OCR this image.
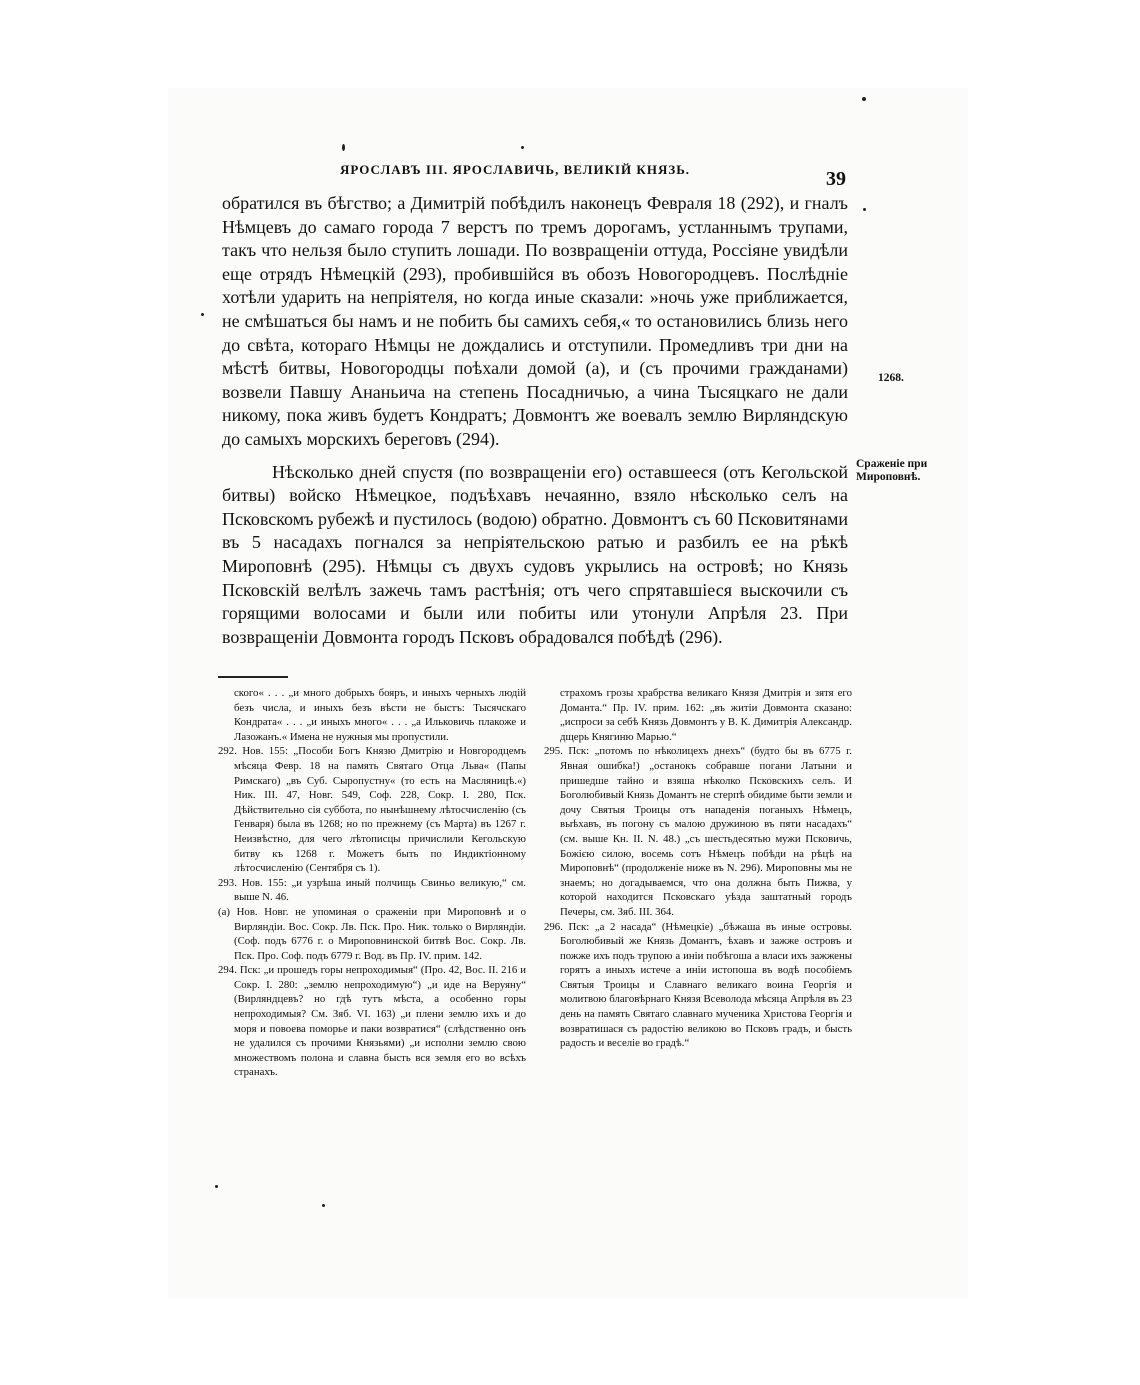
ЯРОСЛАВЪ III. ЯРОСЛАВИЧЬ, ВЕЛИКІЙ КНЯЗЬ.	39

обратился въ бѣгство; а Димитрій побѣдилъ наконецъ Февраля 18 (292), и гналъ Нѣмцевъ до самаго города 7 верстъ по тремъ дорогамъ, устланнымъ трупами, такъ что нельзя было ступить лошади. По возвращеніи оттуда, Россіяне увидѣли еще отрядъ Нѣмецкій (293), пробившійся въ обозъ Новогородцевъ. Послѣдніе хотѣли ударить на непріятеля, но когда иные сказали: »ночь уже приближается, не смѣшаться бы намъ и не побить бы самихъ себя,« то остановились близь него до свѣта, котораго Нѣмцы не дождались и отступили. Промедливъ три дни на мѣстѣ битвы, Новогородцы поѣхали домой (а), и (съ прочими гражданами) возвели Павшу Ананьича на степень Посадничью, а чина Тысяцкаго не дали никому, пока живъ будетъ Кондратъ; Довмонтъ же воевалъ землю Вирляндскую до самыхъ морскихъ береговъ (294).

Нѣсколько дней спустя (по возвращеніи его) оставшееся (отъ Кегольской битвы) войско Нѣмецкое, подъѣхавъ нечаянно, взяло нѣсколько селъ на Псковскомъ рубежѣ и пустилось (водою) обратно. Довмонтъ съ 60 Псковитянами въ 5 насадахъ погнался за непріятельскою ратью и разбилъ ее на рѣкѣ Мироповнѣ (295). Нѣмцы съ двухъ судовъ укрылись на островѣ; но Князь Псковскій велѣлъ зажечь тамъ растѣнія; отъ чего спрятавшіеся выскочили съ горящими волосами и были или побиты или утонули Апрѣля 23. При возвращеніи Довмонта городъ Псковъ обрадовался побѣдѣ (296).

1268.
Сраженіе при Мироповнѣ.

ского« . . . „и много добрыхъ бояръ, и иныхъ черныхъ людій безъ числа, и иныхъ безъ вѣсти не быстъ: Тысячскаго Кондрата« . . . „и иныхъ много« . . . „а Ильковичь плакоже и Лазожанъ.« Имена не нужныя мы пропустили.

292. Нов. 155: „Пособи Богъ Князю Дмитрію и Новгородцемъ мѣсяца Февр. 18 на память Святаго Отца Льва« (Папы Римскаго) „въ Суб. Сыропустну« (то есть на Масляницѣ.«) Ник. III. 47, Новг. 549, Соф. 228, Сокр. I. 280, Пск. Дѣйствительно сія суббота, по нынѣшнему лѣтосчисленію (съ Генваря) была въ 1268; но по прежнему (съ Марта) въ 1267 г. Неизвѣстно, для чего лѣтописцы причислили Кегольскую битву къ 1268 г. Можетъ быть по Индиктіонному лѣтосчисленію (Сентября съ 1).

293. Нов. 155: „и узрѣша иный полчищь Свиньо великую,“ см. выше N. 46.

(а) Нов. Новг. не упоминая о сраженіи при Мироповнѣ и о Вирляндіи. Вос. Сокр. Лв. Пск. Про. Ник. только о Вирляндіи. (Соф. подъ 6776 г. о Мироповнинской битвѣ Вос. Сокр. Лв. Пск. Про. Соф. подъ 6779 г. Вод. въ Пр. IV. прим. 142.

294. Пск: „и прошедъ горы непроходимыя“ (Про. 42, Вос. II. 216 и Сокр. I. 280: „землю непроходимую“) „и иде на Веруяну“ (Вирляндцевъ? но гдѣ тутъ мѣста, а особенно горы непроходимыя? См. Зяб. VI. 163) „и плени землю ихъ и до моря и повоева поморье и паки возвратися“ (слѣдственно онъ не удалился съ прочими Князьями) „и исполни землю свою множествомъ полона и славна бысть вся земля его во всѣхъ странахъ.

страхомъ грозы храбрства великаго Князя Дмитрія и зятя его Доманта.“ Пр. IV. прим. 162: „въ житіи Довмонта сказано: „испроси за себѣ Князь Довмонтъ у В. К. Димитрія Александр. дщерь Княгиню Марью.“

295. Пск: „потомъ по нѣколицехъ днехъ“ (будто бы въ 6775 г. Явная ошибка!) „останокъ собравше погани Латыни и пришедше тайно и взяша нѣколко Псковскихъ селъ. И Боголюбивый Князь Домантъ не стерпѣ обидиме быти земли и дочу Святыя Троицы отъ нападенія поганыхъ Нѣмецъ, выѣхавъ, въ погону съ малою дружиною въ пяти насадахъ“ (см. выше Кн. II. N. 48.) „съ шестьдесятью мужи Псковичь, Божією силою, восемь сотъ Нѣмецъ побѣди на рѣцѣ на Мироповнѣ“ (продолженіе ниже въ N. 296). Мироповны мы не знаемъ; но догадываемся, что она должна быть Пижва, у которой находится Псковскаго уѣзда заштатный городъ Печеры, см. Зяб. III. 364.

296. Пск: „а 2 насада“ (Нѣмецкіе) „бѣжаша въ иные островы. Боголюбивый же Князь Домантъ, ѣхавъ и зажже островъ и пожже ихъ подъ трупою а иніи побѣгоша а власи ихъ зажжены горятъ а иныхъ истече а иніи истопоша въ водѣ пособіемъ Святыя Троицы и Славнаго великаго воина Георгія и молитвою благовѣрнаго Князя Всеволода мѣсяца Апрѣля въ 23 день на память Святаго славнаго мученика Христова Георгія и возвратишася съ радостію великою во Псковъ градъ, и бысть радость и веселіе во градѣ.“
